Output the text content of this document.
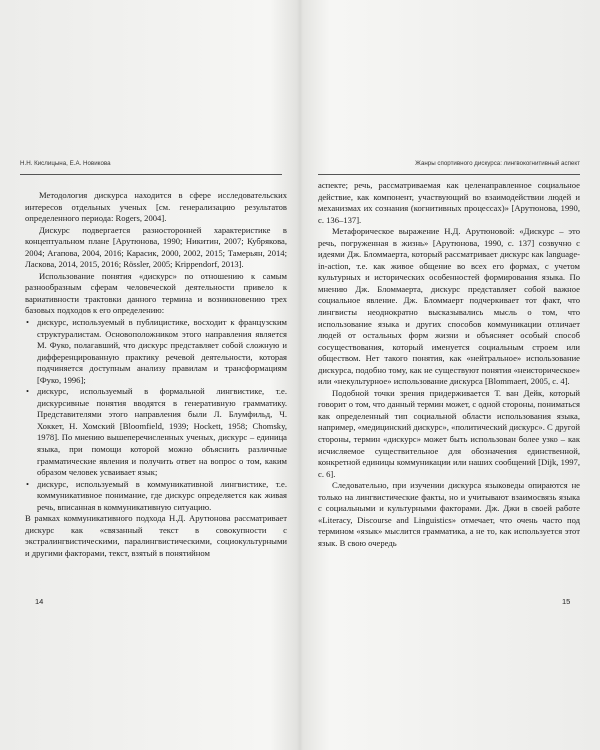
Н.Н. Кислицына, Е.А. Новикова

Методология дискурса находится в сфере исследовательских интересов отдельных ученых [см. генерализацию результатов определенного периода: Rogers, 2004].

Дискурс подвергается разносторонней характеристике в концептуальном плане [Арутюнова, 1990; Никитин, 2007; Кубрякова, 2004; Агапова, 2004, 2016; Карасик, 2000, 2002, 2015; Тамерьян, 2014; Ласкова, 2014, 2015, 2016; Rössler, 2005; Krippendorf, 2013].

Использование понятия «дискурс» по отношению к самым разнообразным сферам человеческой деятельности привело к вариативности трактовки данного термина и возникновению трех базовых подходов к его определению:

• дискурс, используемый в публицистике, восходит к французским структуралистам. Основоположником этого направления является М. Фуко, полагавший, что дискурс представляет собой сложную и дифференцированную практику речевой деятельности, которая подчиняется доступным анализу правилам и трансформациям [Фуко, 1996];
• дискурс, используемый в формальной лингвистике, т.е. дискурсивные понятия вводятся в генеративную грамматику. Представителями этого направления были Л. Блумфильд, Ч. Хоккет, Н. Хомский [Bloomfield, 1939; Hockett, 1958; Chomsky, 1978]. По мнению вышеперечисленных ученых, дискурс – единица языка, при помощи которой можно объяснить различные грамматические явления и получить ответ на вопрос о том, каким образом человек усваивает язык;
• дискурс, используемый в коммуникативной лингвистике, т.е. коммуникативное понимание, где дискурс определяется как живая речь, вписанная в коммуникативную ситуацию.

В рамках коммуникативного подхода Н.Д. Арутюнова рассматривает дискурс как «связанный текст в совокупности с экстралингвистическими, паралингвистическими, социокультурными и другими факторами, текст, взятый в понятийном

14
Жанры спортивного дискурса: лингвокогнитивный аспект

аспекте; речь, рассматриваемая как целенаправленное социальное действие, как компонент, участвующий во взаимодействии людей и механизмах их сознания (когнитивных процессах)» [Арутюнова, 1990, с. 136–137].

Метафорическое выражение Н.Д. Арутюновой: «Дискурс – это речь, погруженная в жизнь» [Арутюнова, 1990, с. 137] созвучно с идеями Дж. Бломмаерта, который рассматривает дискурс как language-in-action, т.е. как живое общение во всех его формах, с учетом культурных и исторических особенностей формирования языка. По мнению Дж. Бломмаерта, дискурс представляет собой важное социальное явление. Дж. Бломмаерт подчеркивает тот факт, что лингвисты неоднократно высказывались мысль о том, что использование языка и других способов коммуникации отличает людей от остальных форм жизни и объясняет особый способ сосуществования, который именуется социальным строем или обществом. Нет такого понятия, как «нейтральное» использование дискурса, подобно тому, как не существуют понятия «неисторическое» или «некультурное» использование дискурса [Blommaert, 2005, с. 4].

Подобной точки зрения придерживается Т. ван Дейк, который говорит о том, что данный термин может, с одной стороны, пониматься как определенный тип социальной области использования языка, например, «медицинский дискурс», «политический дискурс». С другой стороны, термин «дискурс» может быть использован более узко – как исчисляемое существительное для обозначения единственной, конкретной единицы коммуникации или наших сообщений [Dijk, 1997, с. 6].

Следовательно, при изучении дискурса языковеды опираются не только на лингвистические факты, но и учитывают взаимосвязь языка с социальными и культурными факторами. Дж. Джи в своей работе «Literacy, Discourse and Linguistics» отмечает, что очень часто под термином «язык» мыслится грамматика, а не то, как используется этот язык. В свою очередь

15
